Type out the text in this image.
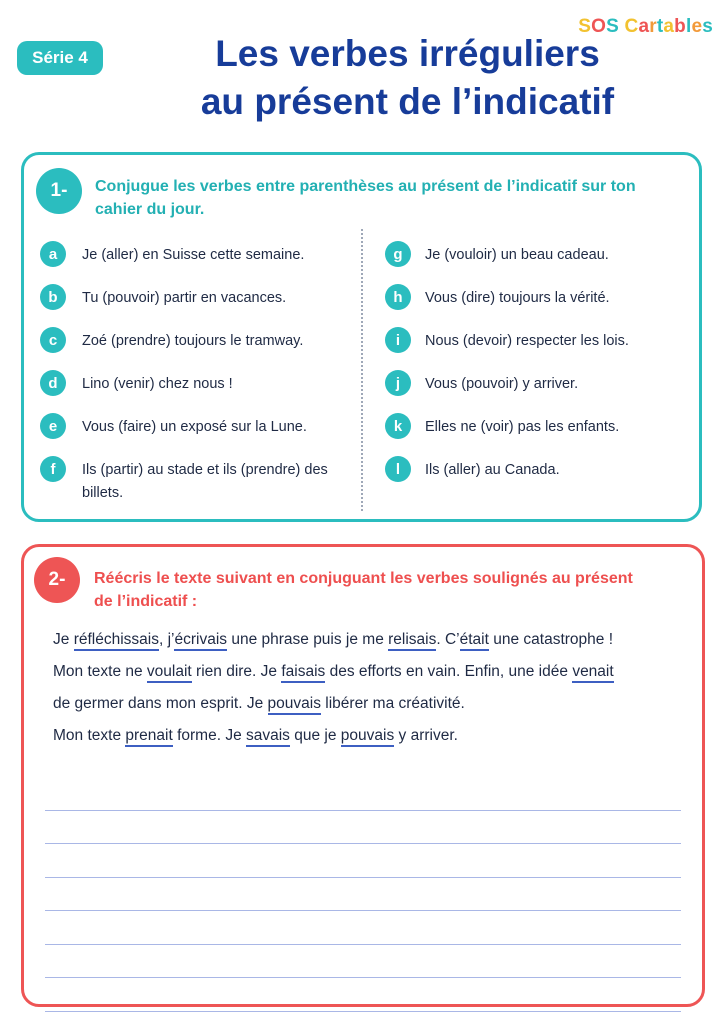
SOS Cartables
Série 4	Les verbes irréguliers
au présent de l’indicatif
1-	Conjugue les verbes entre parenthèses au présent de l’indicatif sur ton cahier du jour.

a	Je (aller) en Suisse cette semaine.

b	Tu (pouvoir) partir en vacances.

c	Zoé (prendre) toujours le tramway.

d	Lino (venir) chez nous !

e	Vous (faire) un exposé sur la Lune.

f	Ils (partir) au stade et ils (prendre) des billets.

g	Je (vouloir) un beau cadeau.

h	Vous (dire) toujours la vérité.

i	Nous (devoir) respecter les lois.

j	Vous (pouvoir) y arriver.

k	Elles ne (voir) pas les enfants.

l	Ils (aller) au Canada.

2-	Réécris le texte suivant en conjuguant les verbes soulignés au présent de l’indicatif :

Je réfléchissais, j’écrivais une phrase puis je me relisais. C’était une catastrophe !
Mon texte ne voulait rien dire. Je faisais des efforts en vain. Enfin, une idée venait
de germer dans mon esprit. Je pouvais libérer ma créativité.
Mon texte prenait forme. Je savais que je pouvais y arriver.
